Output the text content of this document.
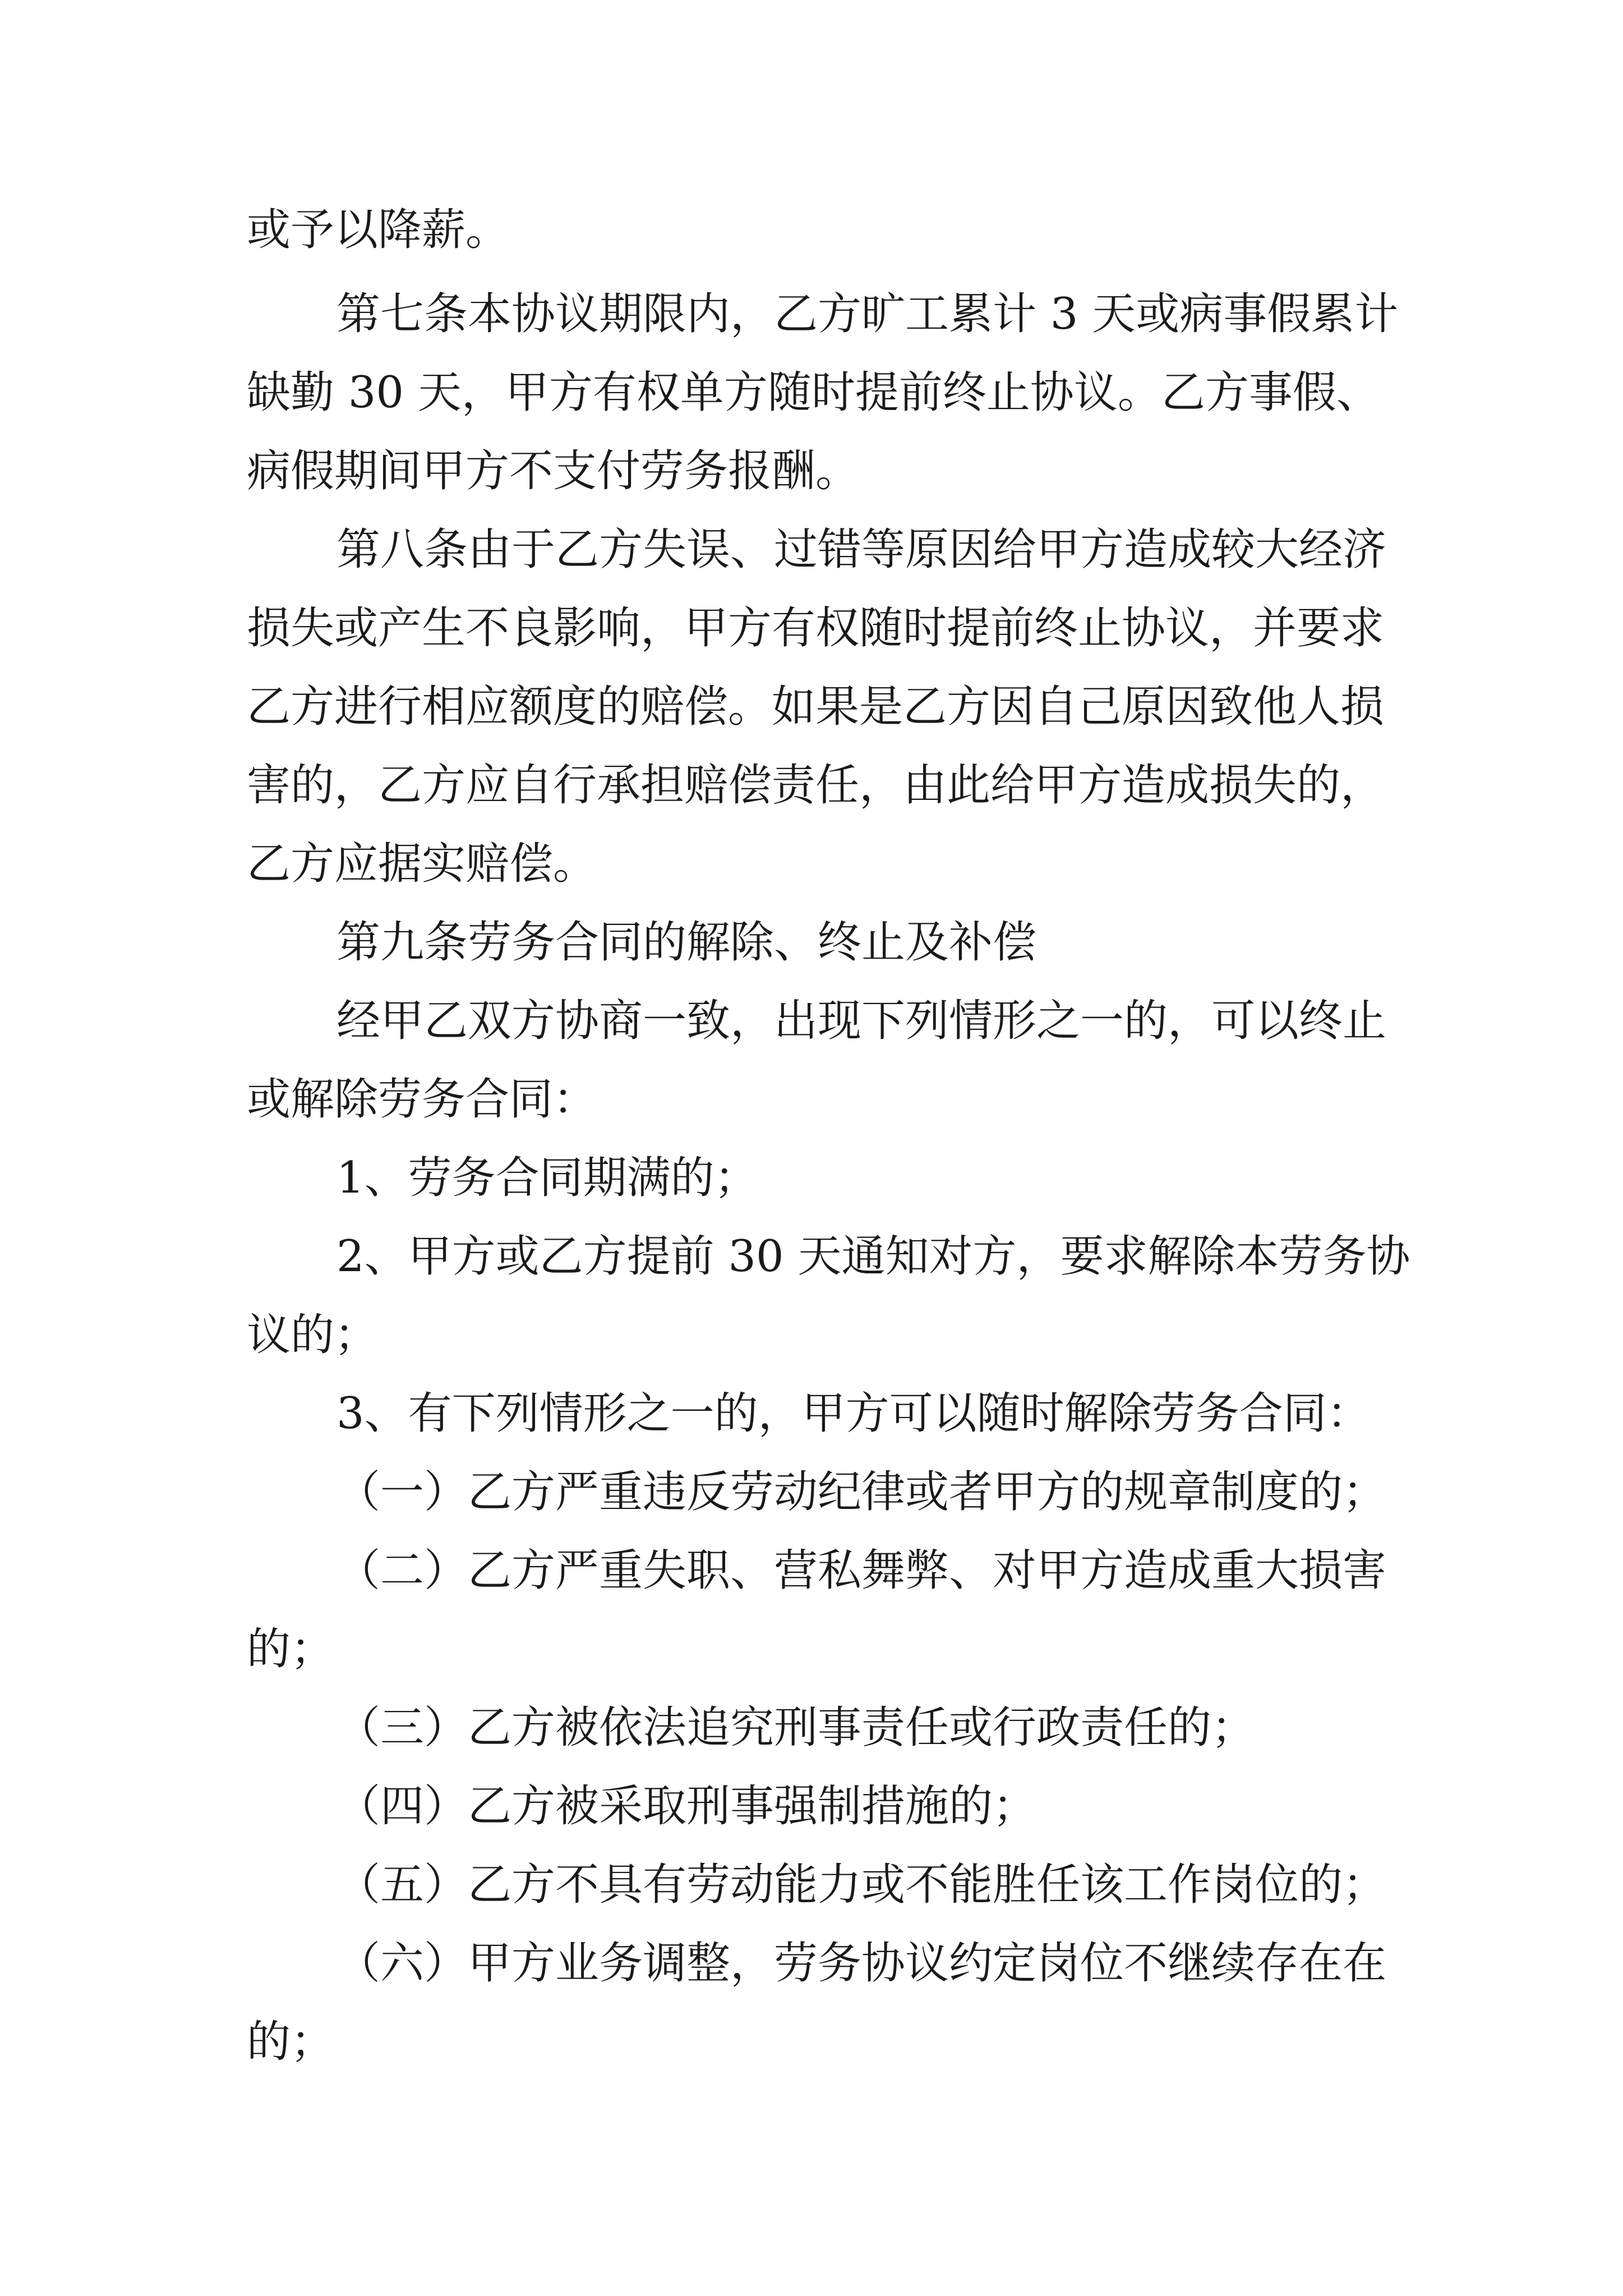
或予以降薪。
第七条本协议期限内，乙方旷工累计 3 天或病事假累计
缺勤 30 天，甲方有权单方随时提前终止协议。乙方事假、
病假期间甲方不支付劳务报酬。
第八条由于乙方失误、过错等原因给甲方造成较大经济
损失或产生不良影响，甲方有权随时提前终止协议，并要求
乙方进行相应额度的赔偿。如果是乙方因自己原因致他人损
害的，乙方应自行承担赔偿责任，由此给甲方造成损失的，
乙方应据实赔偿。
第九条劳务合同的解除、终止及补偿
经甲乙双方协商一致，出现下列情形之一的，可以终止
或解除劳务合同：
1、劳务合同期满的；
2、甲方或乙方提前 30 天通知对方，要求解除本劳务协
议的；
3、有下列情形之一的，甲方可以随时解除劳务合同：
（一）乙方严重违反劳动纪律或者甲方的规章制度的；
（二）乙方严重失职、营私舞弊、对甲方造成重大损害
的；
（三）乙方被依法追究刑事责任或行政责任的；
（四）乙方被采取刑事强制措施的；
（五）乙方不具有劳动能力或不能胜任该工作岗位的；
（六）甲方业务调整，劳务协议约定岗位不继续存在在
的；
